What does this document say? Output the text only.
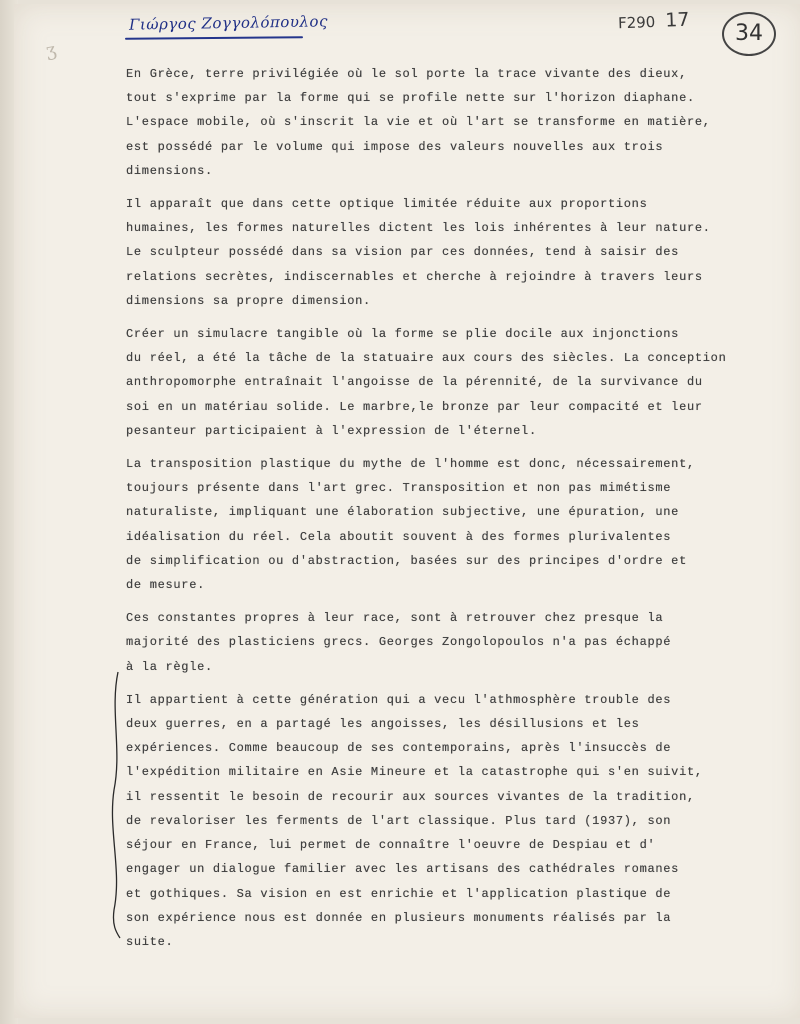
ʒ
Γιώργος Ζογγολόπουλος	F290 17
34
En Grèce, terre privilégiée où le sol porte la trace vivante des dieux,
tout s'exprime par la forme qui se profile nette sur l'horizon diaphane.
L'espace mobile, où s'inscrit la vie et où l'art se transforme en matière,
est possédé par le volume qui impose des valeurs nouvelles aux trois
dimensions.
Il apparaît que dans cette optique limitée réduite aux proportions
humaines, les formes naturelles dictent les lois inhérentes à leur nature.
Le sculpteur possédé dans sa vision par ces données, tend à saisir des
relations secrètes, indiscernables et cherche à rejoindre à travers leurs
dimensions sa propre dimension.
Créer un simulacre tangible où la forme se plie docile aux injonctions
du réel, a été la tâche de la statuaire aux cours des siècles. La conception
anthropomorphe entraînait l'angoisse de la pérennité, de la survivance du
soi en un matériau solide. Le marbre,le bronze par leur compacité et leur
pesanteur participaient à l'expression de l'éternel.
La transposition plastique du mythe de l'homme est donc, nécessairement,
toujours présente dans l'art grec. Transposition et non pas mimétisme
naturaliste, impliquant une élaboration subjective, une épuration, une
idéalisation du réel. Cela aboutit souvent à des formes plurivalentes
de simplification ou d'abstraction, basées sur des principes d'ordre et
de mesure.
Ces constantes propres à leur race, sont à retrouver chez presque la
majorité des plasticiens grecs. Georges Zongolopoulos n'a pas échappé
à la règle.
Il appartient à cette génération qui a vecu l'athmosphère trouble des
deux guerres, en a partagé les angoisses, les désillusions et les
expériences. Comme beaucoup de ses contemporains, après l'insuccès de
l'expédition militaire en Asie Mineure et la catastrophe qui s'en suivit,
il ressentit le besoin de recourir aux sources vivantes de la tradition,
de revaloriser les ferments de l'art classique. Plus tard (1937), son
séjour en France, lui permet de connaître l'oeuvre de Despiau et d'
engager un dialogue familier avec les artisans des cathédrales romanes
et gothiques. Sa vision en est enrichie et l'application plastique de
son expérience nous est donnée en plusieurs monuments réalisés par la
suite.
